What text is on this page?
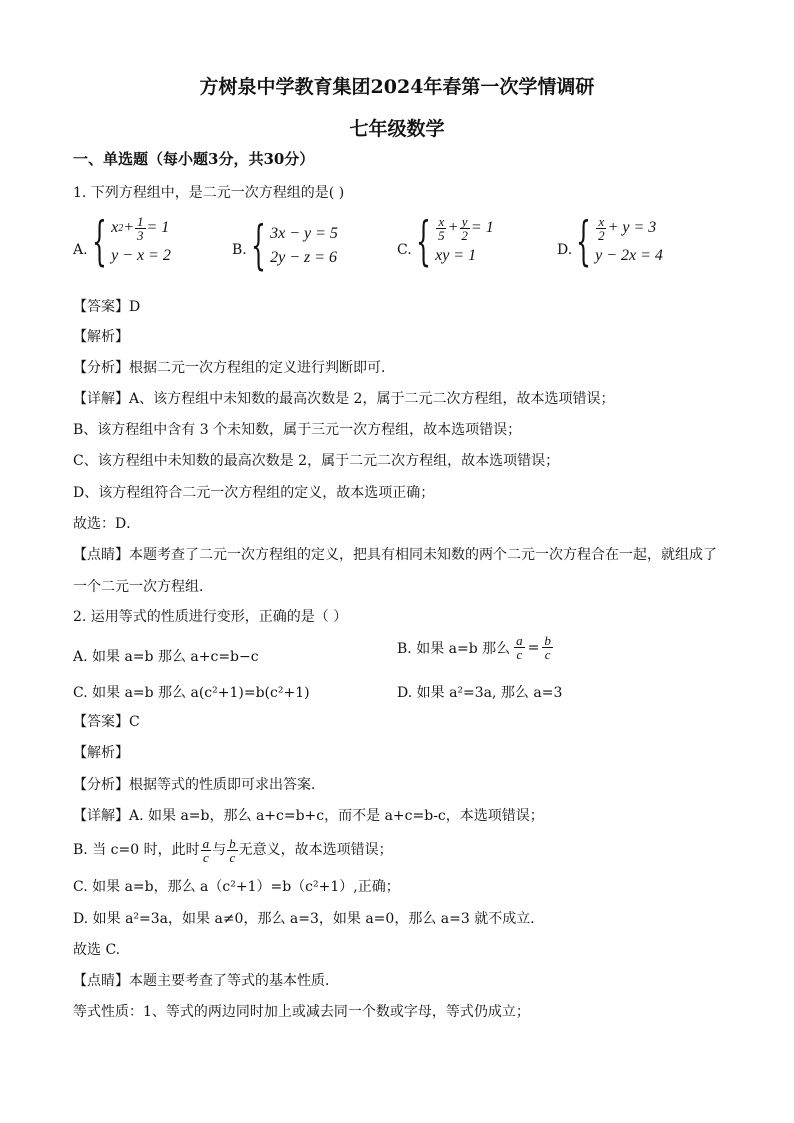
方树泉中学教育集团2024年春第一次学情调研
七年级数学
一、单选题（每小题3分，共30分）
1. 下列方程组中，是二元一次方程组的是( )
A. { x $2 + \frac{1}{3} = 1$
y − x = 2	B. { 3x − y = 5
2y − z = 6	C. { $\frac{x}{5} + \frac{y}{2} = 1$
xy = 1	D. { $\frac{x}{2} + y = 3$
y − 2x = 4
【答案】D
【解析】
【分析】根据二元一次方程组的定义进行判断即可．
【详解】A、该方程组中未知数的最高次数是 2，属于二元二次方程组，故本选项错误；
B、该方程组中含有 3 个未知数，属于三元一次方程组，故本选项错误；
C、该方程组中未知数的最高次数是 2，属于二元二次方程组，故本选项错误；
D、该方程组符合二元一次方程组的定义，故本选项正确；
故选：D．
【点睛】本题考查了二元一次方程组的定义，把具有相同未知数的两个二元一次方程合在一起，就组成了
一个二元一次方程组．
2. 运用等式的性质进行变形，正确的是（ ）
A. 如果 a=b 那么 a+c=b−c
B. 如果 a=b 那么 $\frac{a}{c} = \frac{b}{c}$
C. 如果 a=b 那么 a(c²+1)=b(c²+1)	D. 如果 a²=3a, 那么 a=3
【答案】C
【解析】
【分析】根据等式的性质即可求出答案．
【详解】A. 如果 a=b，那么 a+c=b+c，而不是 a+c=b-c，本选项错误；
B. 当 c=0 时，此时 $\frac{a}{c}$ 与 $\frac{b}{c}$ 无意义，故本选项错误；
C. 如果 a=b，那么 a（c²+1）=b（c²+1）,正确；
D. 如果 a²=3a，如果 a≠0，那么 a=3，如果 a=0，那么 a=3 就不成立．
故选 C.
【点睛】本题主要考查了等式的基本性质．
等式性质：1、等式的两边同时加上或减去同一个数或字母，等式仍成立；
